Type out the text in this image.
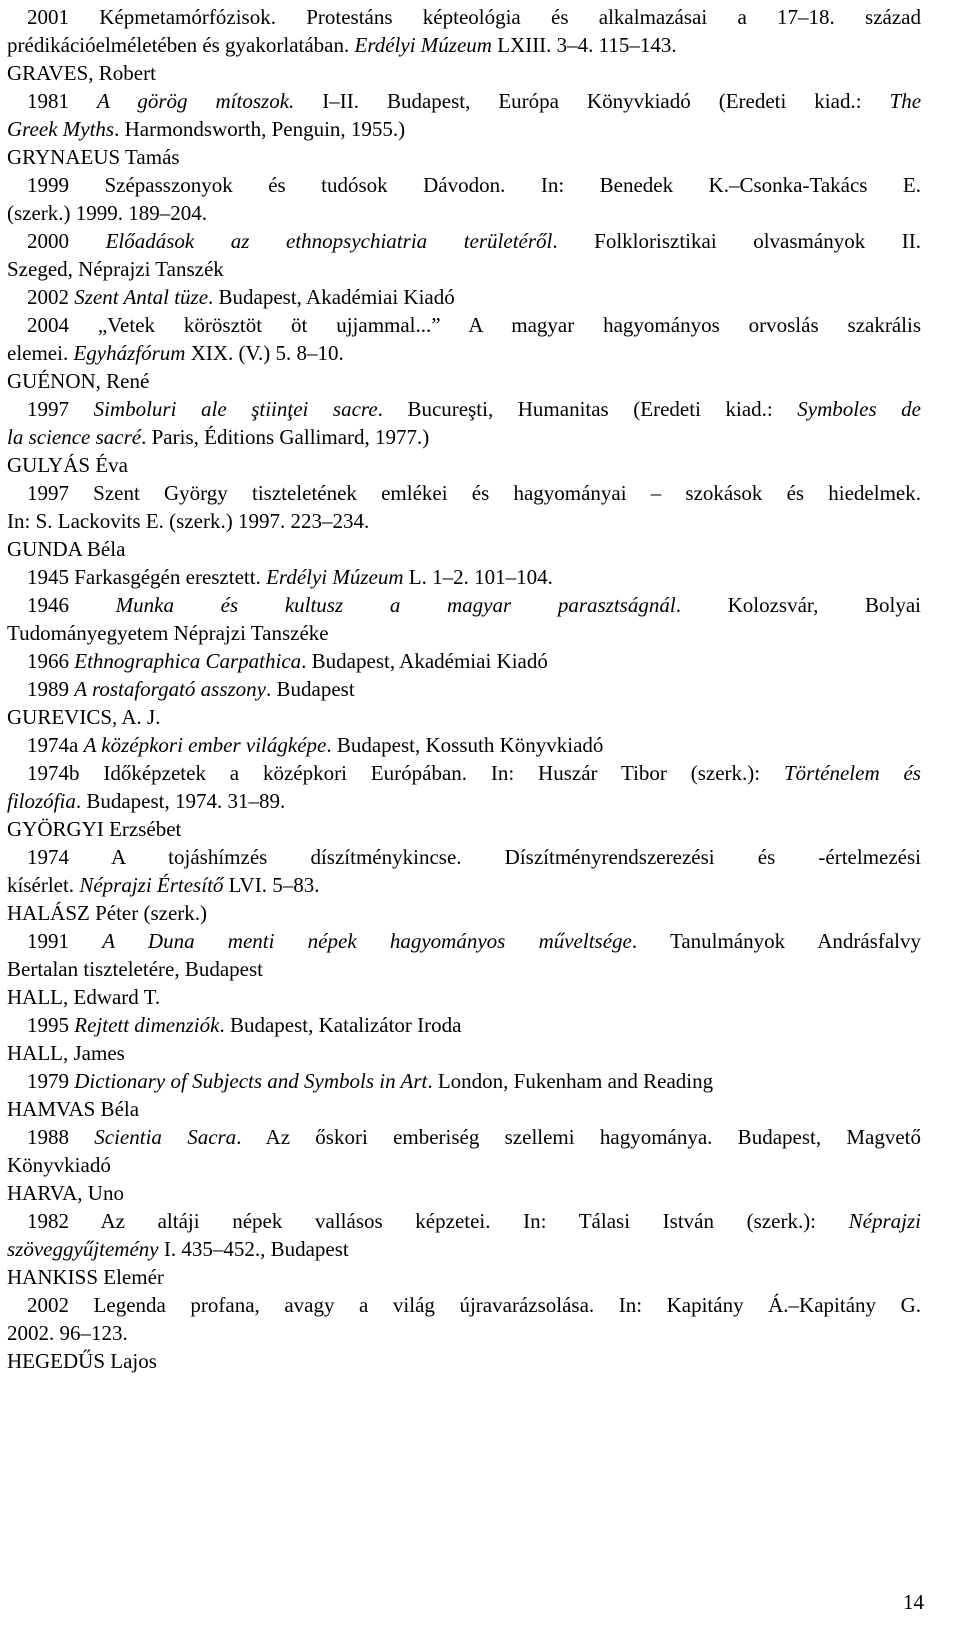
2001 Képmetamórfózisok. Protestáns képteológia és alkalmazásai a 17–18. század
prédikációelméletében és gyakorlatában. Erdélyi Múzeum LXIII. 3–4. 115–143.
GRAVES, Robert
1981 A görög mítoszok. I–II. Budapest, Európa Könyvkiadó (Eredeti kiad.: The
Greek Myths. Harmondsworth, Penguin, 1955.)
GRYNAEUS Tamás
1999 Szépasszonyok és tudósok Dávodon. In: Benedek K.–Csonka-Takács E.
(szerk.) 1999. 189–204.
2000 Előadások az ethnopsychiatria területéről. Folklorisztikai olvasmányok II.
Szeged, Néprajzi Tanszék
2002 Szent Antal tüze. Budapest, Akadémiai Kiadó
2004 „Vetek körösztöt öt ujjammal...” A magyar hagyományos orvoslás szakrális
elemei. Egyházfórum XIX. (V.) 5. 8–10.
GUÉNON, René
1997 Simboluri ale ştiinţei sacre. Bucureşti, Humanitas (Eredeti kiad.: Symboles de
la science sacré. Paris, Éditions Gallimard, 1977.)
GULYÁS Éva
1997 Szent György tiszteletének emlékei és hagyományai – szokások és hiedelmek.
In: S. Lackovits E. (szerk.) 1997. 223–234.
GUNDA Béla
1945 Farkasgégén eresztett. Erdélyi Múzeum L. 1–2. 101–104.
1946 Munka és kultusz a magyar parasztságnál. Kolozsvár, Bolyai
Tudományegyetem Néprajzi Tanszéke
1966 Ethnographica Carpathica. Budapest, Akadémiai Kiadó
1989 A rostaforgató asszony. Budapest
GUREVICS, A. J.
1974a A középkori ember világképe. Budapest, Kossuth Könyvkiadó
1974b Időképzetek a középkori Európában. In: Huszár Tibor (szerk.): Történelem és
filozófia. Budapest, 1974. 31–89.
GYÖRGYI Erzsébet
1974 A tojáshímzés díszítménykincse. Díszítményrendszerezési és -értelmezési
kísérlet. Néprajzi Értesítő LVI. 5–83.
HALÁSZ Péter (szerk.)
1991 A Duna menti népek hagyományos műveltsége. Tanulmányok Andrásfalvy
Bertalan tiszteletére, Budapest
HALL, Edward T.
1995 Rejtett dimenziók. Budapest, Katalizátor Iroda
HALL, James
1979 Dictionary of Subjects and Symbols in Art. London, Fukenham and Reading
HAMVAS Béla
1988 Scientia Sacra. Az őskori emberiség szellemi hagyománya. Budapest, Magvető
Könyvkiadó
HARVA, Uno
1982 Az altáji népek vallásos képzetei. In: Tálasi István (szerk.): Néprajzi
szöveggyűjtemény I. 435–452., Budapest
HANKISS Elemér
2002 Legenda profana, avagy a világ újravarázsolása. In: Kapitány Á.–Kapitány G.
2002. 96–123.
HEGEDŰS Lajos
14
